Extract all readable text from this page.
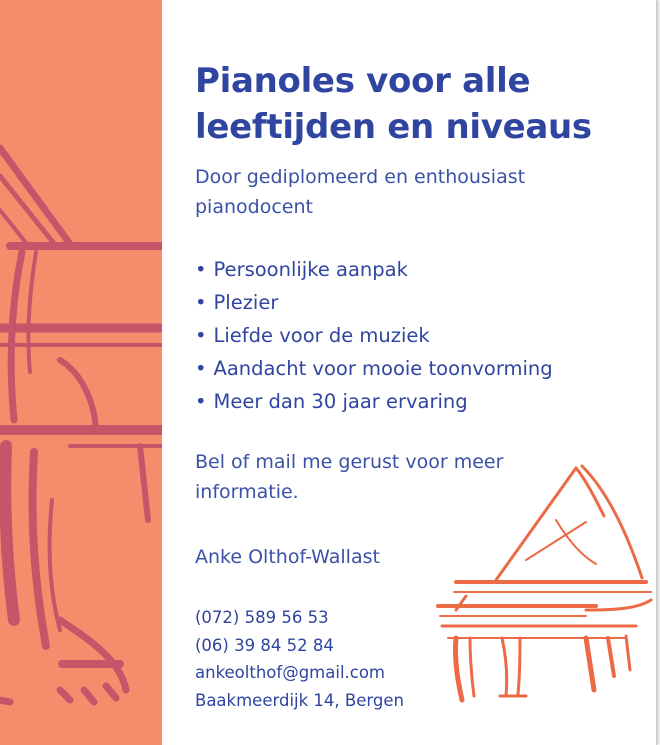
Pianoles voor alle
leeftijden en niveaus

Door gediplomeerd en enthousiast pianodocent

• Persoonlijke aanpak
• Plezier
• Liefde voor de muziek
• Aandacht voor mooie toonvorming
• Meer dan 30 jaar ervaring

Bel of mail me gerust voor meer informatie.

Anke Olthof-Wallast

(072) 589 56 53
(06) 39 84 52 84
ankeolthof@gmail.com
Baakmeerdijk 14, Bergen
